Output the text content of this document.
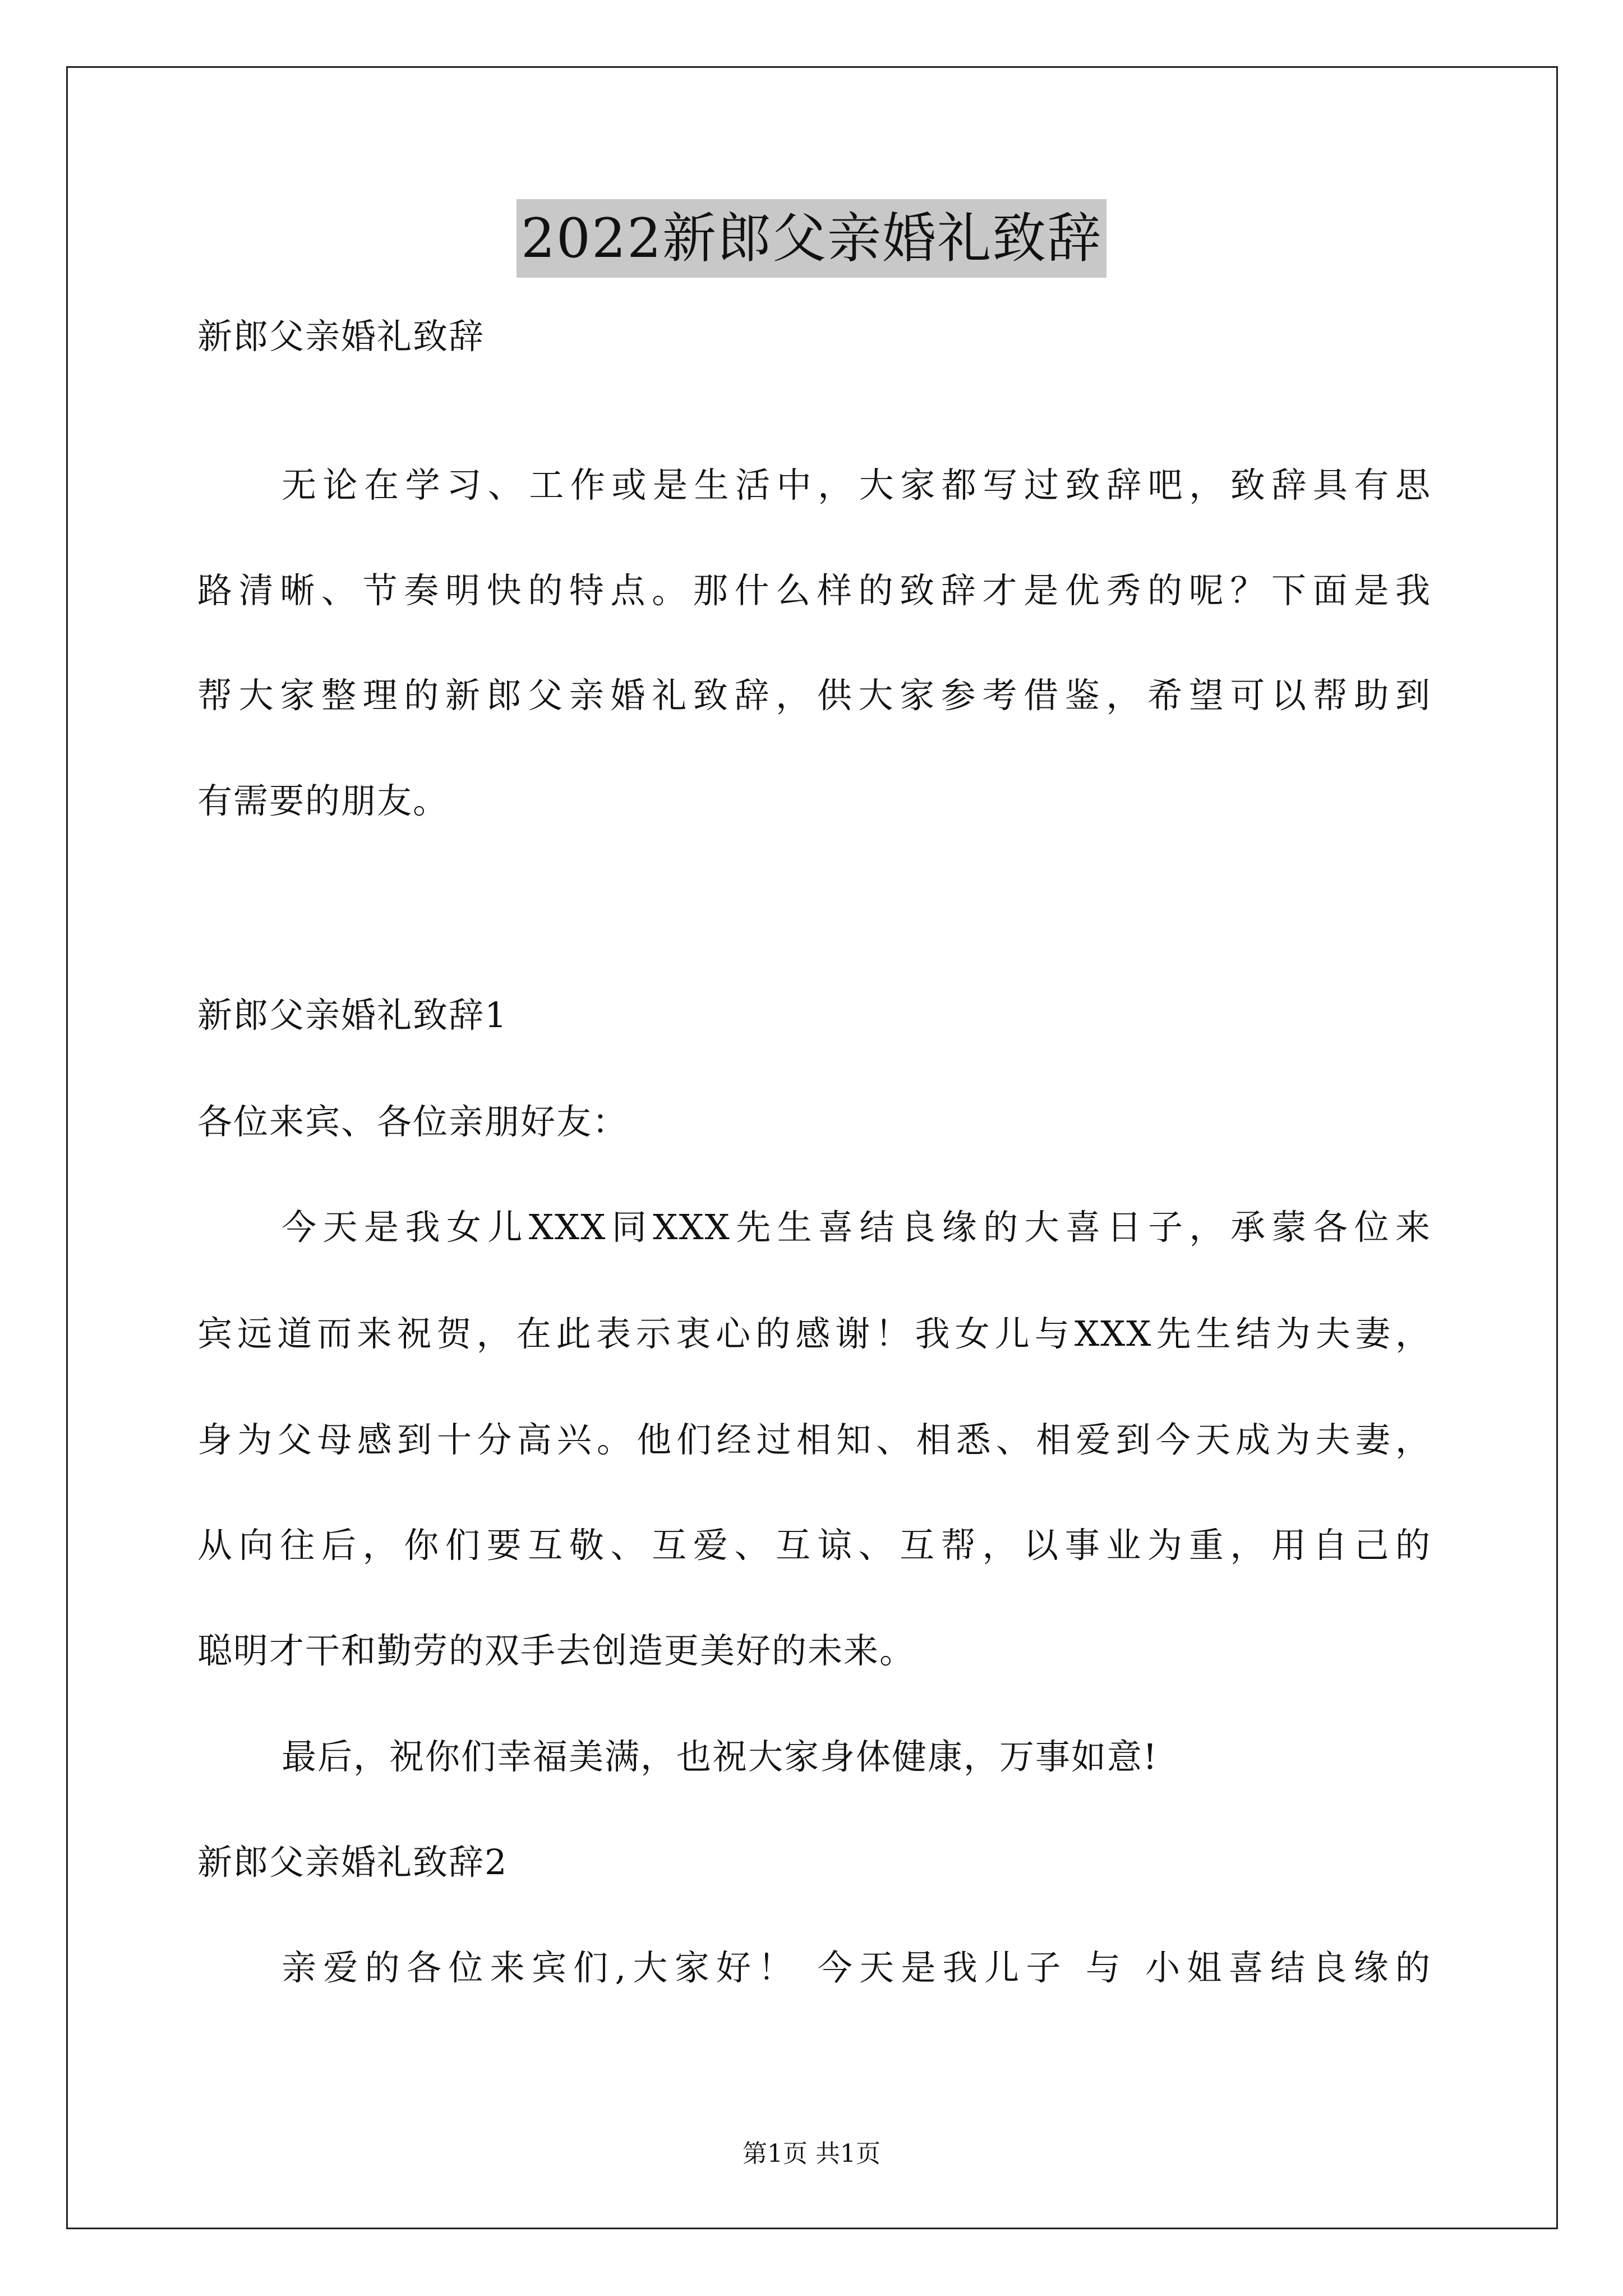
2022新郎父亲婚礼致辞
新郎父亲婚礼致辞
无论在学习、工作或是生活中，大家都写过致辞吧，致辞具有思
路清晰、节奏明快的特点。那什么样的致辞才是优秀的呢？下面是我
帮大家整理的新郎父亲婚礼致辞，供大家参考借鉴，希望可以帮助到
有需要的朋友。
新郎父亲婚礼致辞1
各位来宾、各位亲朋好友：
今天是我女儿XXX同XXX先生喜结良缘的大喜日子，承蒙各位来
宾远道而来祝贺，在此表示衷心的感谢！我女儿与XXX先生结为夫妻，
身为父母感到十分高兴。他们经过相知、相悉、相爱到今天成为夫妻，
从向往后，你们要互敬、互爱、互谅、互帮，以事业为重，用自己的
聪明才干和勤劳的双手去创造更美好的未来。
最后，祝你们幸福美满，也祝大家身体健康，万事如意!
新郎父亲婚礼致辞2
亲爱的各位来宾们,大家好！ 今天是我儿子 与 小姐喜结良缘的
第1页 共1页
